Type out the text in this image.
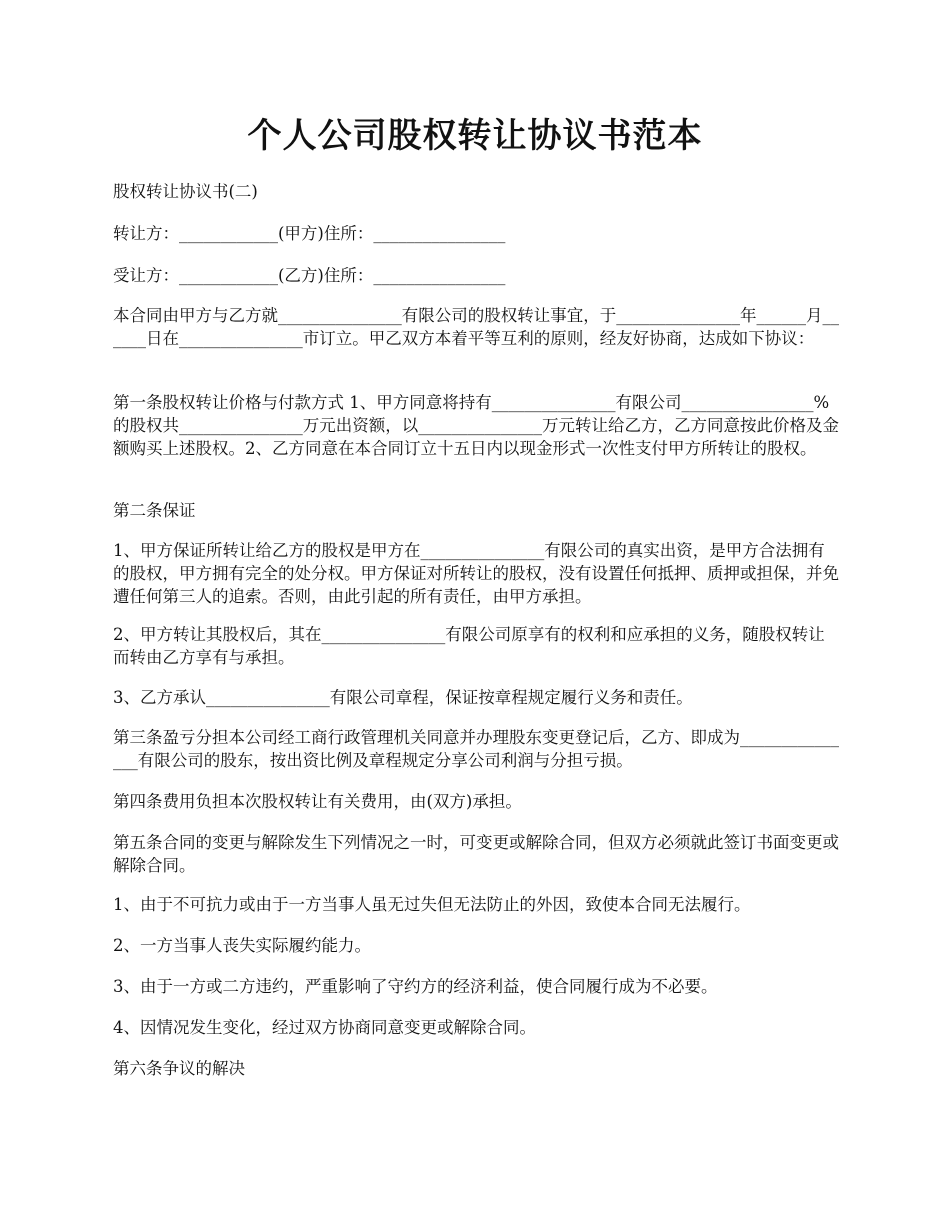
个人公司股权转让协议书范本

股权转让协议书(二)

转让方：____________(甲方)住所：________________

受让方：____________(乙方)住所：________________

本合同由甲方与乙方就_______________有限公司的股权转让事宜，于_______________年______月______日在_______________市订立。甲乙双方本着平等互利的原则，经友好协商，达成如下协议：

第一条股权转让价格与付款方式 1、甲方同意将持有_______________有限公司________________%的股权共_______________万元出资额，以_______________万元转让给乙方，乙方同意按此价格及金额购买上述股权。2、乙方同意在本合同订立十五日内以现金形式一次性支付甲方所转让的股权。

第二条保证

1、甲方保证所转让给乙方的股权是甲方在_______________有限公司的真实出资，是甲方合法拥有的股权，甲方拥有完全的处分权。甲方保证对所转让的股权，没有设置任何抵押、质押或担保，并免遭任何第三人的追索。否则，由此引起的所有责任，由甲方承担。

2、甲方转让其股权后，其在_______________有限公司原享有的权利和应承担的义务，随股权转让而转由乙方享有与承担。

3、乙方承认_______________有限公司章程，保证按章程规定履行义务和责任。

第三条盈亏分担本公司经工商行政管理机关同意并办理股东变更登记后，乙方、即成为_______________有限公司的股东，按出资比例及章程规定分享公司利润与分担亏损。

第四条费用负担本次股权转让有关费用，由(双方)承担。

第五条合同的变更与解除发生下列情况之一时，可变更或解除合同，但双方必须就此签订书面变更或解除合同。

1、由于不可抗力或由于一方当事人虽无过失但无法防止的外因，致使本合同无法履行。

2、一方当事人丧失实际履约能力。

3、由于一方或二方违约，严重影响了守约方的经济利益，使合同履行成为不必要。

4、因情况发生变化，经过双方协商同意变更或解除合同。

第六条争议的解决
